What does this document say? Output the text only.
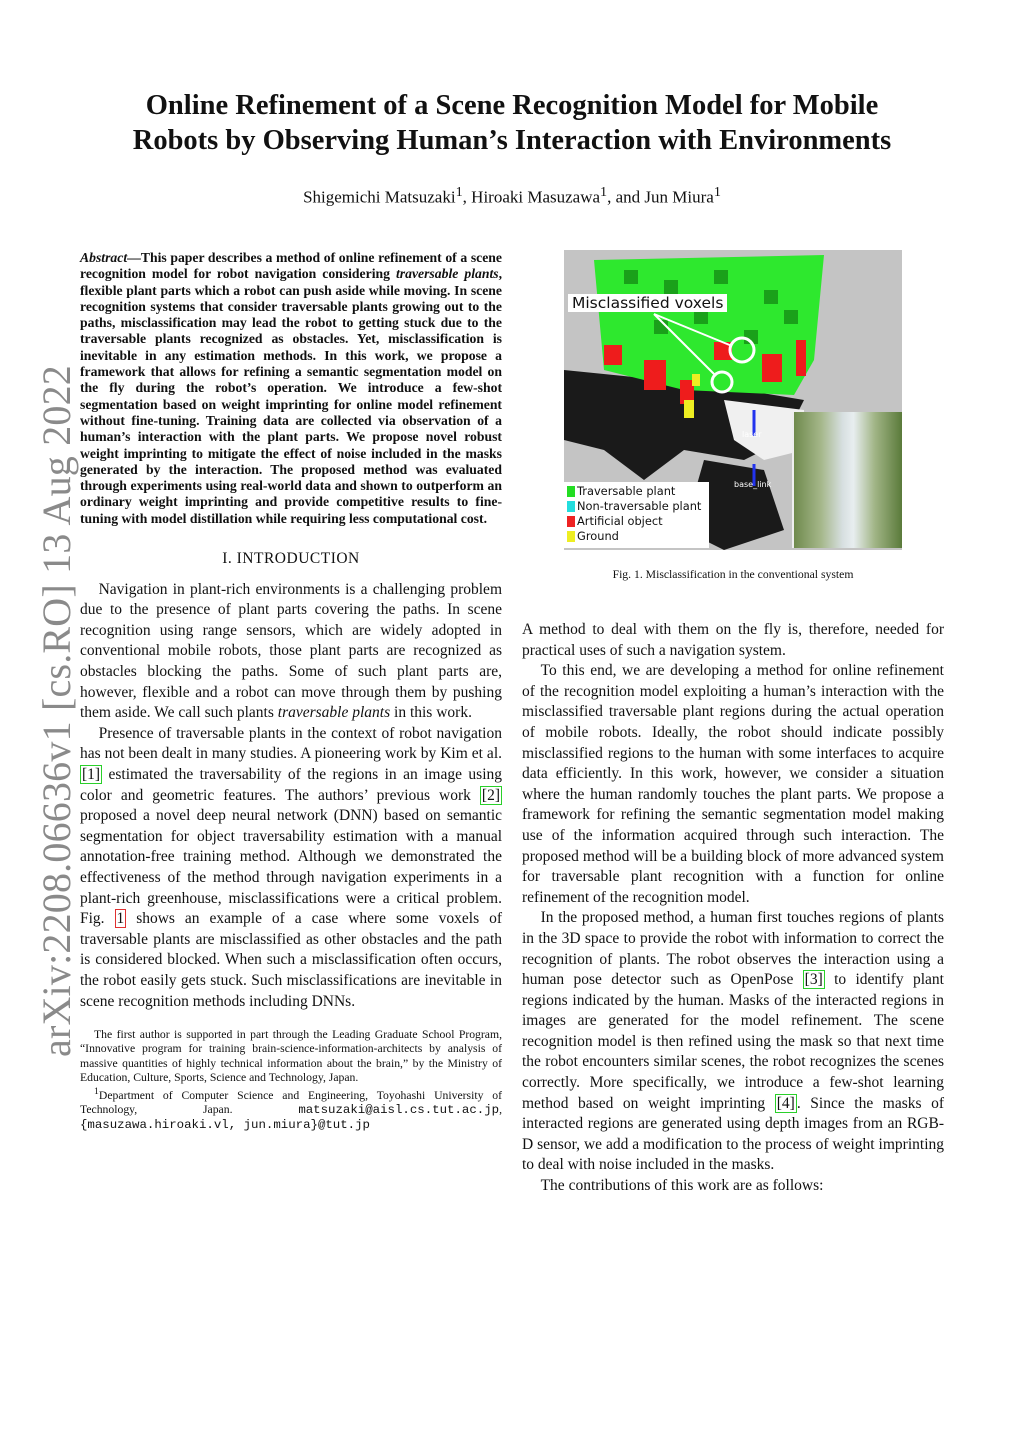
arXiv:2208.06636v1 [cs.RO] 13 Aug 2022
Online Refinement of a Scene Recognition Model for Mobile Robots by Observing Human’s Interaction with Environments
Shigemichi Matsuzaki$^1$, Hiroaki Masuzawa$^1$, and Jun Miura$^1$

Abstract—This paper describes a method of online refinement of a scene recognition model for robot navigation considering traversable plants, flexible plant parts which a robot can push aside while moving. In scene recognition systems that consider traversable plants growing out to the paths, misclassification may lead the robot to getting stuck due to the traversable plants recognized as obstacles. Yet, misclassification is inevitable in any estimation methods. In this work, we propose a framework that allows for refining a semantic segmentation model on the fly during the robot’s operation. We introduce a few-shot segmentation based on weight imprinting for online model refinement without fine-tuning. Training data are collected via observation of a human’s interaction with the plant parts. We propose novel robust weight imprinting to mitigate the effect of noise included in the masks generated by the interaction. The proposed method was evaluated through experiments using real-world data and shown to outperform an ordinary weight imprinting and provide competitive results to fine-tuning with model distillation while requiring less computational cost.

I. INTRODUCTION

Navigation in plant-rich environments is a challenging problem due to the presence of plant parts covering the paths. In scene recognition using range sensors, which are widely adopted in conventional mobile robots, those plant parts are recognized as obstacles blocking the paths. Some of such plant parts are, however, flexible and a robot can move through them by pushing them aside. We call such plants traversable plants in this work.

Presence of traversable plants in the context of robot navigation has not been dealt in many studies. A pioneering work by Kim et al. [1] estimated the traversability of the regions in an image using color and geometric features. The authors’ previous work [2] proposed a novel deep neural network (DNN) based on semantic segmentation for object traversability estimation with a manual annotation-free training method. Although we demonstrated the effectiveness of the method through navigation experiments in a plant-rich greenhouse, misclassifications were a critical problem. Fig. 1 shows an example of a case where some voxels of traversable plants are misclassified as other obstacles and the path is considered blocked. When such a misclassification often occurs, the robot easily gets stuck. Such misclassifications are inevitable in scene recognition methods including DNNs.

The first author is supported in part through the Leading Graduate School Program, “Innovative program for training brain-science-information-architects by analysis of massive quantities of highly technical information about the brain,” by the Ministry of Education, Culture, Sports, Science and Technology, Japan.

$^1$Department of Computer Science and Engineering, Toyohashi University of Technology, Japan. matsuzaki@aisl.cs.tut.ac.jp, {masuzawa.hiroaki.vl, jun.miura}@tut.jp

Misclassified voxels
laser
base_link
Traversable plant
Non-traversable plant
Artificial object
Ground
Fig. 1. Misclassification in the conventional system

A method to deal with them on the fly is, therefore, needed for practical uses of such a navigation system.

To this end, we are developing a method for online refinement of the recognition model exploiting a human’s interaction with the misclassified traversable plant regions during the actual operation of mobile robots. Ideally, the robot should indicate possibly misclassified regions to the human with some interfaces to acquire data efficiently. In this work, however, we consider a situation where the human randomly touches the plant parts. We propose a framework for refining the semantic segmentation model making use of the information acquired through such interaction. The proposed method will be a building block of more advanced system for traversable plant recognition with a function for online refinement of the recognition model.

In the proposed method, a human first touches regions of plants in the 3D space to provide the robot with information to correct the recognition of plants. The robot observes the interaction using a human pose detector such as OpenPose [3] to identify plant regions indicated by the human. Masks of the interacted regions in images are generated for the model refinement. The scene recognition model is then refined using the mask so that next time the robot encounters similar scenes, the robot recognizes the scenes correctly. More specifically, we introduce a few-shot learning method based on weight imprinting [4] . Since the masks of interacted regions are generated using depth images from an RGB-D sensor, we add a modification to the process of weight imprinting to deal with noise included in the masks.

The contributions of this work are as follows:
